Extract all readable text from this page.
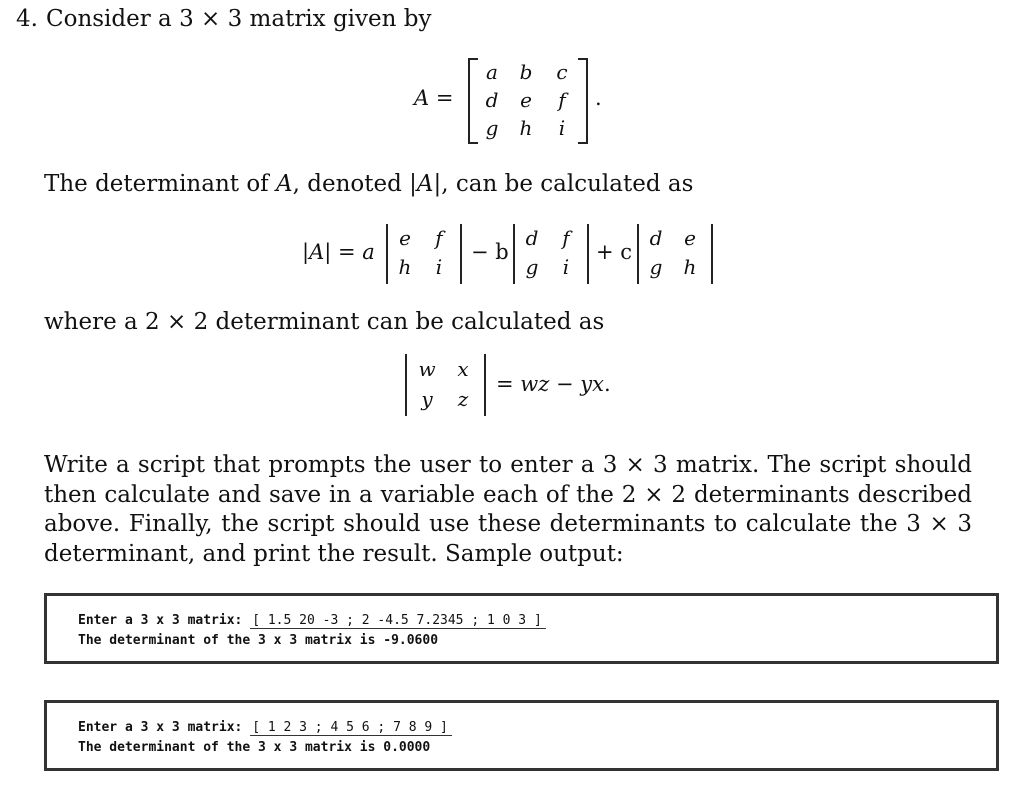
4. Consider a 3 × 3 matrix given by
A =
a	b	c
d	e	f
g	h	i
.
The determinant of A, denoted |A|, can be calculated as
|A| = a
e	f
h	i
− b
d	f
g	i
+ c
d	e
g	h
where a 2 × 2 determinant can be calculated as
w	x
y	z
= wz − yx.
Write a script that prompts the user to enter a 3 × 3 matrix. The script should then calculate and save in a variable each of the 2 × 2 determinants described above. Finally, the script should use these determinants to calculate the 3 × 3 determinant, and print the result. Sample output:
Enter a 3 x 3 matrix: [ 1.5 20 -3 ; 2 -4.5 7.2345 ; 1 0 3 ]
The determinant of the 3 x 3 matrix is -9.0600
Enter a 3 x 3 matrix: [ 1 2 3 ; 4 5 6 ; 7 8 9 ]
The determinant of the 3 x 3 matrix is 0.0000
